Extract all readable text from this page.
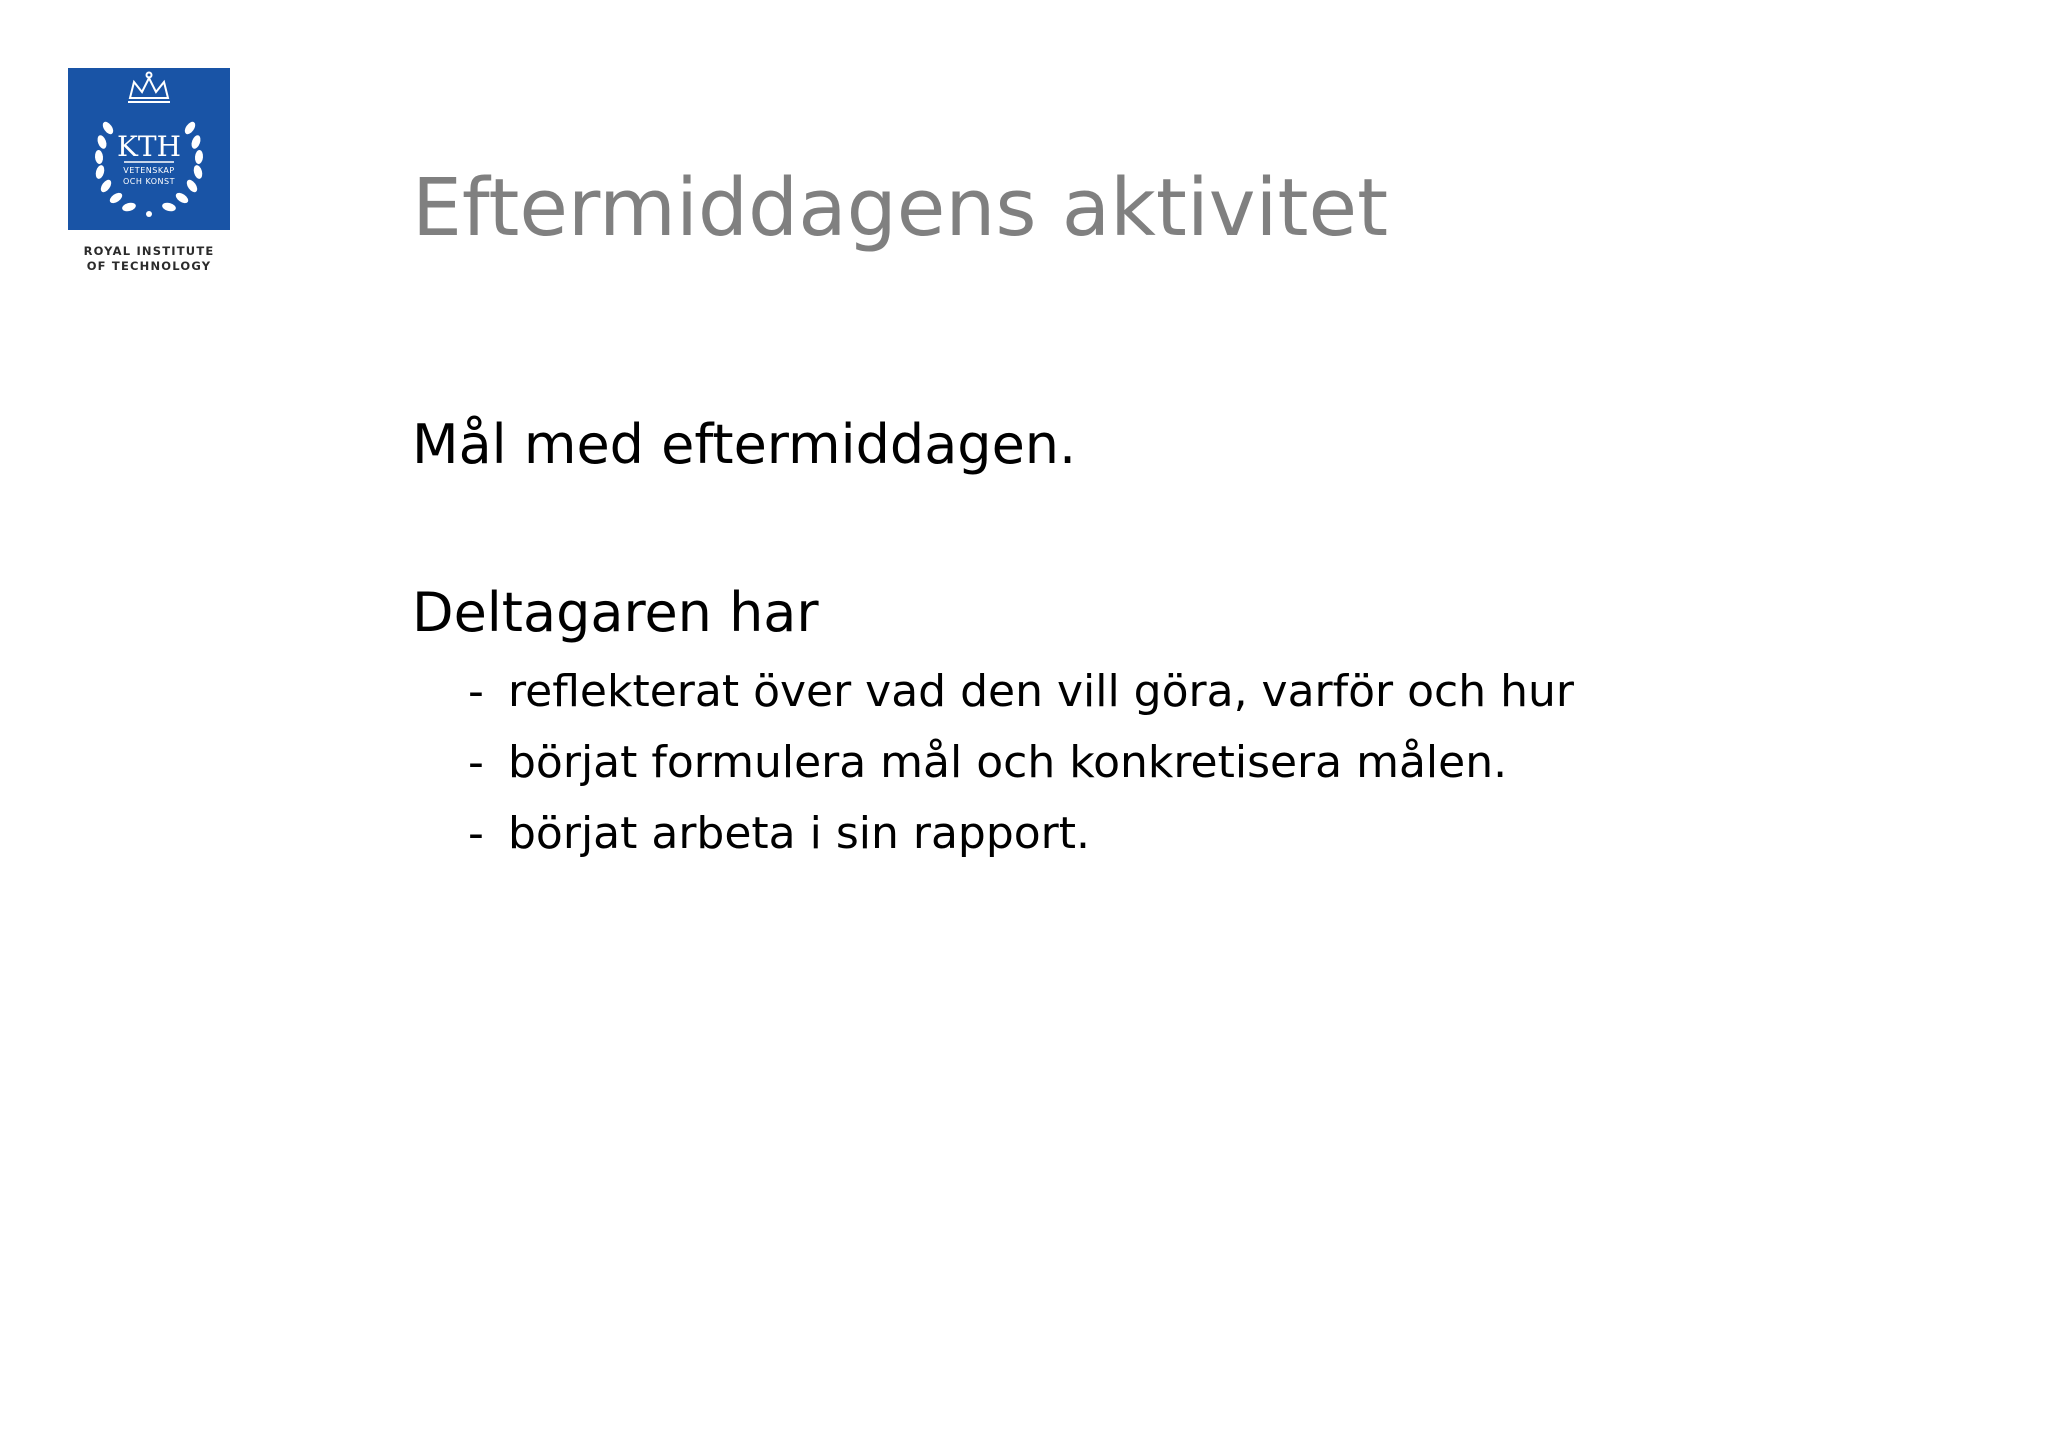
KTH
VETENSKAP
OCH KONST
ROYAL INSTITUTE
OF TECHNOLOGY
Eftermiddagens aktivitet

Mål med eftermiddagen.

Deltagaren har

- reflekterat över vad den vill göra, varför och hur
- börjat formulera mål och konkretisera målen.
- börjat arbeta i sin rapport.
